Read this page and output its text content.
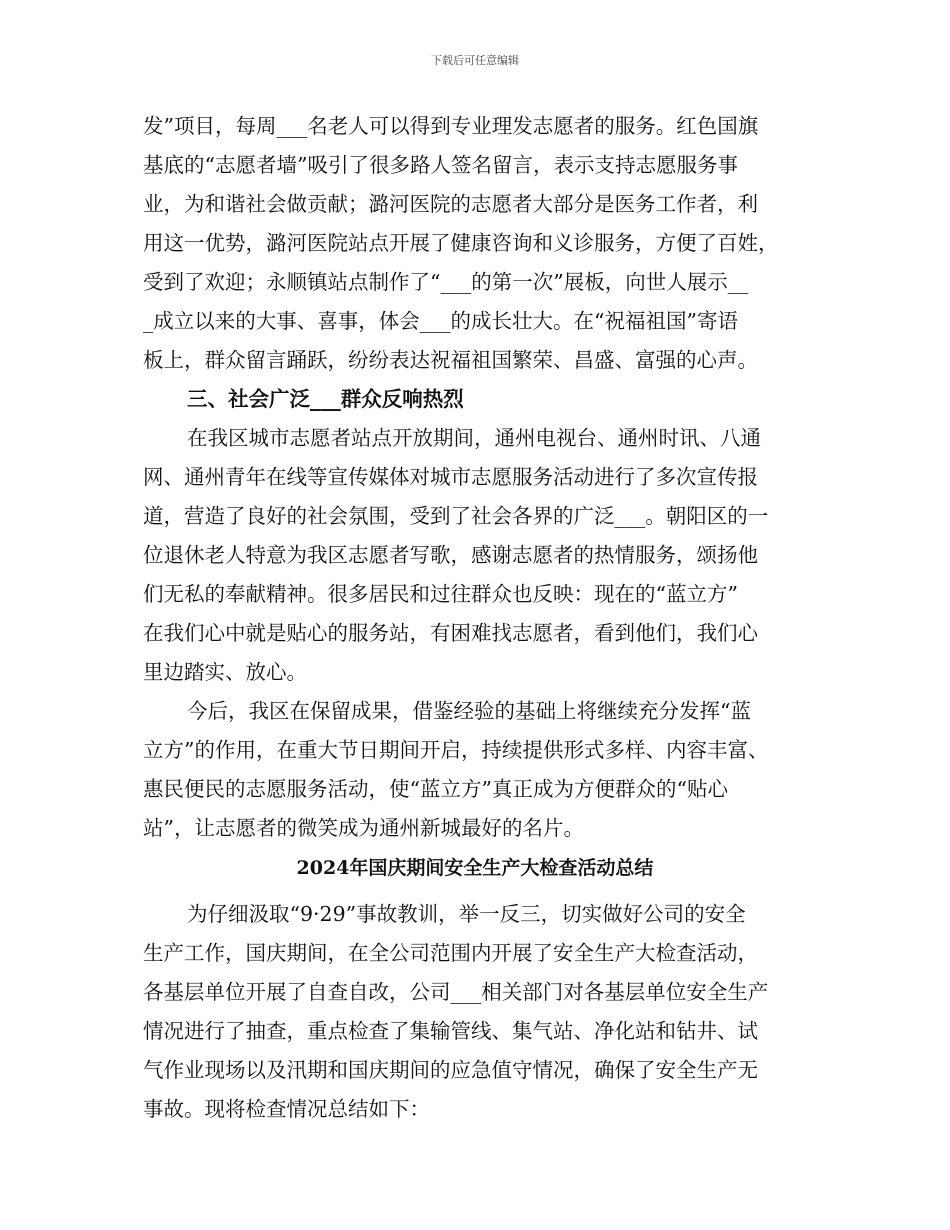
下载后可任意编辑
发”项目，每周___名老人可以得到专业理发志愿者的服务。红色国旗
基底的“志愿者墙”吸引了很多路人签名留言，表示支持志愿服务事
业，为和谐社会做贡献；潞河医院的志愿者大部分是医务工作者，利
用这一优势，潞河医院站点开展了健康咨询和义诊服务，方便了百姓，
受到了欢迎；永顺镇站点制作了“___的第一次”展板，向世人展示__
_成立以来的大事、喜事，体会___的成长壮大。在“祝福祖国”寄语
板上，群众留言踊跃，纷纷表达祝福祖国繁荣、昌盛、富强的心声。
三、社会广泛___群众反响热烈
在我区城市志愿者站点开放期间，通州电视台、通州时讯、八通
网、通州青年在线等宣传媒体对城市志愿服务活动进行了多次宣传报
道，营造了良好的社会氛围，受到了社会各界的广泛___。朝阳区的一
位退休老人特意为我区志愿者写歌，感谢志愿者的热情服务，颂扬他
们无私的奉献精神。很多居民和过往群众也反映：现在的“蓝立方”
在我们心中就是贴心的服务站，有困难找志愿者，看到他们，我们心
里边踏实、放心。
今后，我区在保留成果，借鉴经验的基础上将继续充分发挥“蓝
立方”的作用，在重大节日期间开启，持续提供形式多样、内容丰富、
惠民便民的志愿服务活动，使“蓝立方”真正成为方便群众的“贴心
站”，让志愿者的微笑成为通州新城最好的名片。
2024年国庆期间安全生产大检查活动总结
为仔细汲取“9·29”事故教训，举一反三，切实做好公司的安全
生产工作，国庆期间，在全公司范围内开展了安全生产大检查活动，
各基层单位开展了自查自改，公司___相关部门对各基层单位安全生产
情况进行了抽查，重点检查了集输管线、集气站、净化站和钻井、试
气作业现场以及汛期和国庆期间的应急值守情况，确保了安全生产无
事故。现将检查情况总结如下：
